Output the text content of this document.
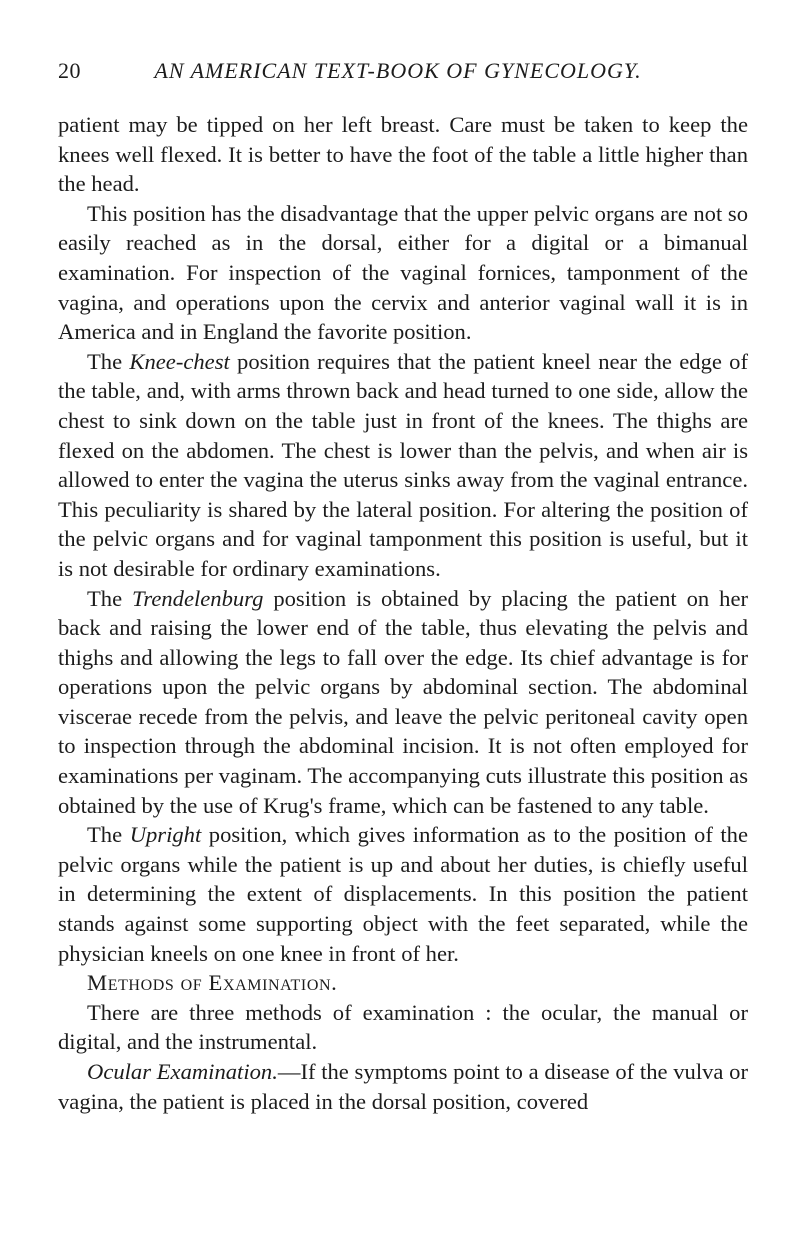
20	AN AMERICAN TEXT-BOOK OF GYNECOLOGY.

patient may be tipped on her left breast. Care must be taken to keep the knees well flexed. It is better to have the foot of the table a little higher than the head.

This position has the disadvantage that the upper pelvic organs are not so easily reached as in the dorsal, either for a digital or a bimanual examination. For inspection of the vaginal fornices, tamponment of the vagina, and operations upon the cervix and anterior vaginal wall it is in America and in England the favorite position.

The Knee-chest position requires that the patient kneel near the edge of the table, and, with arms thrown back and head turned to one side, allow the chest to sink down on the table just in front of the knees. The thighs are flexed on the abdomen. The chest is lower than the pelvis, and when air is allowed to enter the vagina the uterus sinks away from the vaginal entrance. This peculiarity is shared by the lateral position. For altering the position of the pelvic organs and for vaginal tamponment this position is useful, but it is not desirable for ordinary examinations.

The Trendelenburg position is obtained by placing the patient on her back and raising the lower end of the table, thus elevating the pelvis and thighs and allowing the legs to fall over the edge. Its chief advantage is for operations upon the pelvic organs by abdominal section. The abdominal viscerae recede from the pelvis, and leave the pelvic peritoneal cavity open to inspection through the abdominal incision. It is not often employed for examinations per vaginam. The accompanying cuts illustrate this position as obtained by the use of Krug's frame, which can be fastened to any table.

The Upright position, which gives information as to the position of the pelvic organs while the patient is up and about her duties, is chiefly useful in determining the extent of displacements. In this position the patient stands against some supporting object with the feet separated, while the physician kneels on one knee in front of her.

Methods of Examination.

There are three methods of examination : the ocular, the manual or digital, and the instrumental.

Ocular Examination.—If the symptoms point to a disease of the vulva or vagina, the patient is placed in the dorsal position, covered
